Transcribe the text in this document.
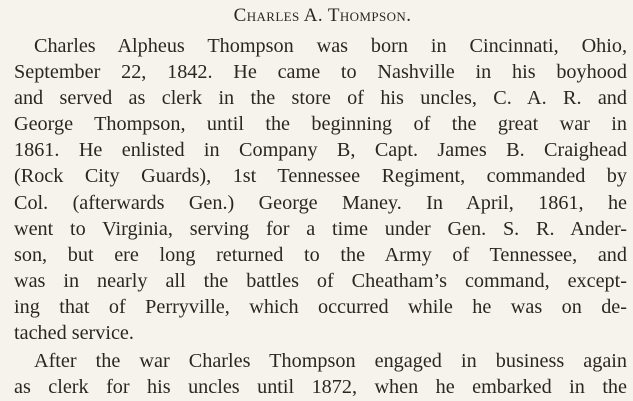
Charles A. Thompson.
Charles Alpheus Thompson was born in Cincinnati, Ohio,
September 22, 1842. He came to Nashville in his boyhood
and served as clerk in the store of his uncles, C. A. R. and
George Thompson, until the beginning of the great war in
1861. He enlisted in Company B, Capt. James B. Craighead
(Rock City Guards), 1st Tennessee Regiment, commanded by
Col. (afterwards Gen.) George Maney. In April, 1861, he
went to Virginia, serving for a time under Gen. S. R. Ander-
son, but ere long returned to the Army of Tennessee, and
was in nearly all the battles of Cheatham’s command, except-
ing that of Perryville, which occurred while he was on de-
tached service.
After the war Charles Thompson engaged in business again
as clerk for his uncles until 1872, when he embarked in the
